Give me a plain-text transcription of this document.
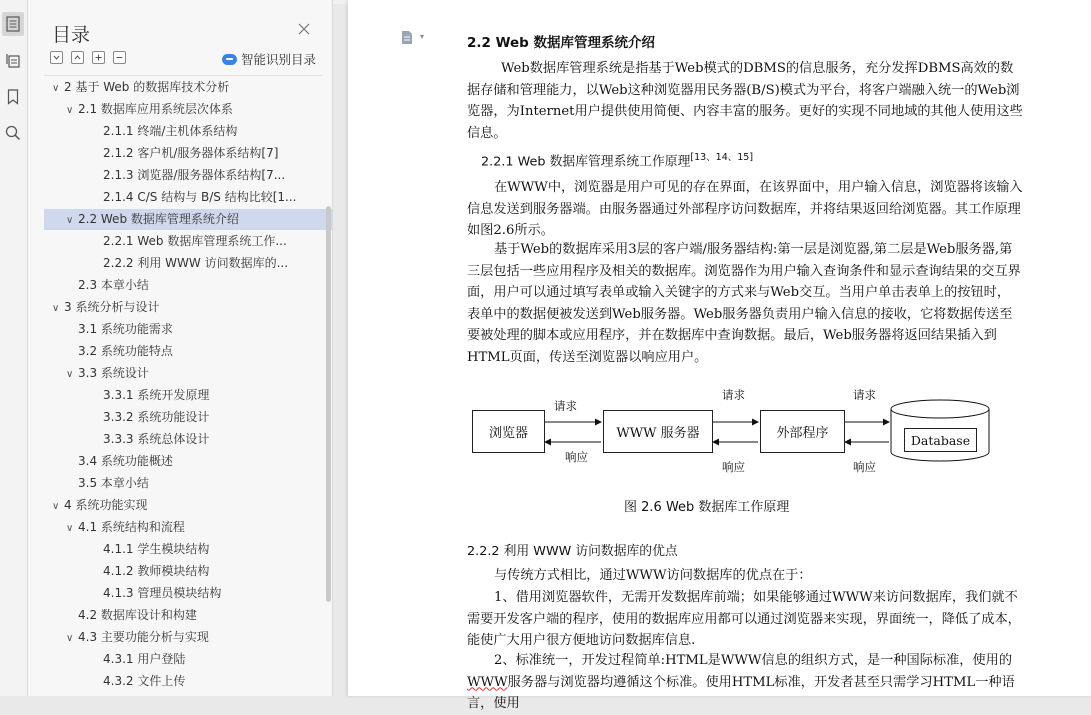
目录
智能识别目录
∨ 2 基于 Web 的数据库技术分析
∨ 2.1 数据库应用系统层次体系
2.1.1 终端/主机体系结构
2.1.2 客户机/服务器体系结构[7]
2.1.3 浏览器/服务器体系结构[7...
2.1.4 C/S 结构与 B/S 结构比较[1...
∨ 2.2 Web 数据库管理系统介绍
2.2.1 Web 数据库管理系统工作...
2.2.2 利用 WWW 访问数据库的...
2.3 本章小结
∨ 3 系统分析与设计
3.1 系统功能需求
3.2 系统功能特点
∨ 3.3 系统设计
3.3.1 系统开发原理
3.3.2 系统功能设计
3.3.3 系统总体设计
3.4 系统功能概述
3.5 本章小结
∨ 4 系统功能实现
∨ 4.1 系统结构和流程
4.1.1 学生模块结构
4.1.2 教师模块结构
4.1.3 管理员模块结构
4.2 数据库设计和构建
∨ 4.3 主要功能分析与实现
4.3.1 用户登陆
4.3.2 文件上传
▾	2.2 Web 数据库管理系统介绍
Web数据库管理系统是指基于Web模式的DBMS的信息服务，充分发挥DBMS高效的数据存储和管理能力，以Web这种浏览器用民务器(B/S)模式为平台，将客户端融入统一的Web浏览器，为Internet用户提供使用简便、内容丰富的服务。更好的实现不同地域的其他人使用这些信息。
2.2.1 Web 数据库管理系统工作原理[13、14、15]
在WWW中，浏览器是用户可见的存在界面，在该界面中，用户输入信息，浏览器将该输入信息发送到服务器端。由服务器通过外部程序访问数据库，并将结果返回给浏览器。其工作原理如图2.6所示。
基于Web的数据库采用3层的客户端/服务器结构:第一层是浏览器,第二层是Web服务器,第三层包括一些应用程序及相关的数据库。浏览器作为用户输入查询条件和显示查询结果的交互界面，用户可以通过填写表单或输入关键字的方式来与Web交互。当用户单击表单上的按钮时，表单中的数据便被发送到Web服务器。Web服务器负责用户输入信息的接收，它将数据传送至要被处理的脚本或应用程序，并在数据库中查询数据。最后，Web服务器将返回结果插入到HTML页面，传送至浏览器以响应用户。
浏览器	WWW 服务器	外部程序	Database
请求
响应
请求
响应
请求
响应
图 2.6 Web 数据库工作原理
2.2.2 利用 WWW 访问数据库的优点
与传统方式相比，通过WWW访问数据库的优点在于：
1、借用浏览器软件，无需开发数据库前端；如果能够通过WWW来访问数据库，我们就不需要开发客户端的程序，使用的数据库应用都可以通过浏览器来实现，界面统一，降低了成本，能使广大用户很方便地访问数据库信息.
2、标准统一，开发过程简单:HTML是WWW信息的组织方式，是一种国际标准，使用的WWW服务器与浏览器均遵循这个标准。使用HTML标准，开发者甚至只需学习HTML一种语言，使用
